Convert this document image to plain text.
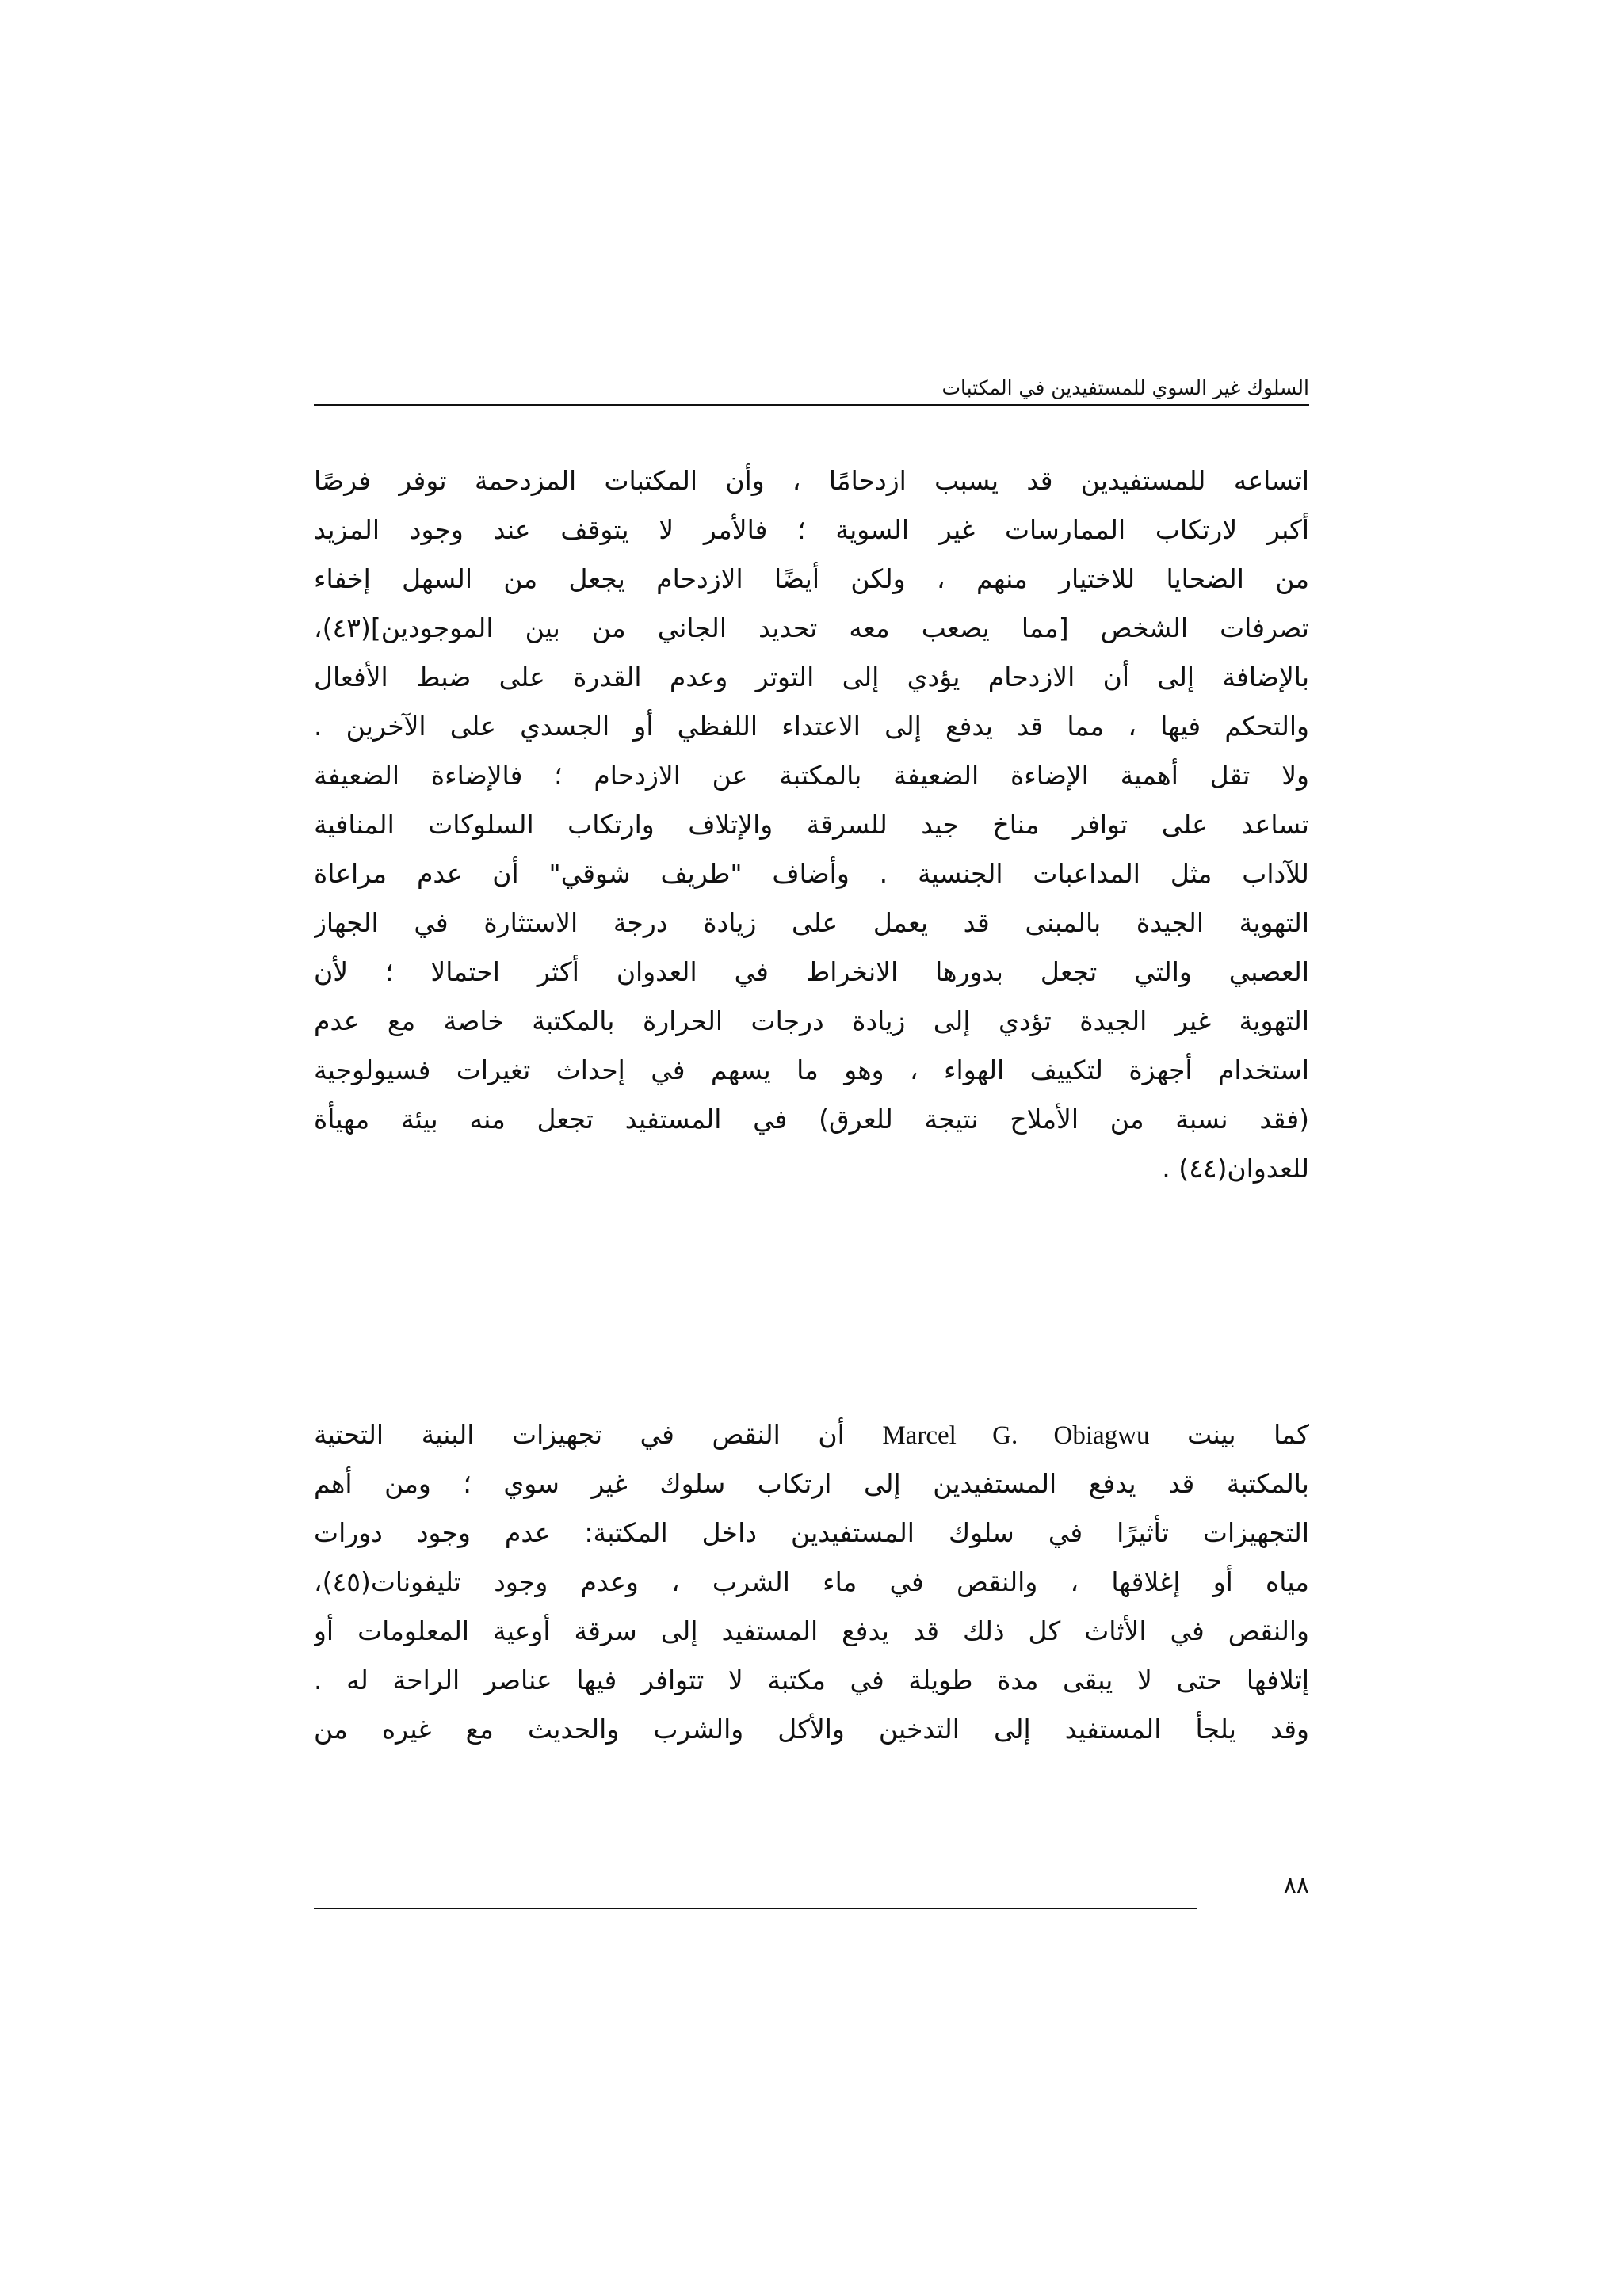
السلوك غير السوي للمستفيدين في المكتبات
اتساعه للمستفيدين قد يسبب ازدحامًا ، وأن المكتبات المزدحمة توفر فرصًا
أكبر لارتكاب الممارسات غير السوية ؛ فالأمر لا يتوقف عند وجود المزيد
من الضحايا للاختيار منهم ، ولكن أيضًا الازدحام يجعل من السهل إخفاء
تصرفات الشخص [مما يصعب معه تحديد الجاني من بين الموجودين](٤٣)،
بالإضافة إلى أن الازدحام يؤدي إلى التوتر وعدم القدرة على ضبط الأفعال
والتحكم فيها ، مما قد يدفع إلى الاعتداء اللفظي أو الجسدي على الآخرين .
ولا تقل أهمية الإضاءة الضعيفة بالمكتبة عن الازدحام ؛ فالإضاءة الضعيفة
تساعد على توافر مناخ جيد للسرقة والإتلاف وارتكاب السلوكات المنافية
للآداب مثل المداعبات الجنسية . وأضاف "طريف شوقي" أن عدم مراعاة
التهوية الجيدة بالمبنى قد يعمل على زيادة درجة الاستثارة في الجهاز
العصبي والتي تجعل بدورها الانخراط في العدوان أكثر احتمالا ؛ لأن
التهوية غير الجيدة تؤدي إلى زيادة درجات الحرارة بالمكتبة خاصة مع عدم
استخدام أجهزة لتكييف الهواء ، وهو ما يسهم في إحداث تغيرات فسيولوجية
(فقد نسبة من الأملاح نتيجة للعرق) في المستفيد تجعل منه بيئة مهيأة
للعدوان(٤٤) .
كما بينت Marcel G. Obiagwu أن النقص في تجهيزات البنية التحتية
بالمكتبة قد يدفع المستفيدين إلى ارتكاب سلوك غير سوي ؛ ومن أهم
التجهيزات تأثيرًا في سلوك المستفيدين داخل المكتبة: عدم وجود دورات
مياه أو إغلاقها ، والنقص في ماء الشرب ، وعدم وجود تليفونات(٤٥)،
والنقص في الأثاث كل ذلك قد يدفع المستفيد إلى سرقة أوعية المعلومات أو
إتلافها حتى لا يبقى مدة طويلة في مكتبة لا تتوافر فيها عناصر الراحة له .
وقد يلجأ المستفيد إلى التدخين والأكل والشرب والحديث مع غيره من
٨٨
